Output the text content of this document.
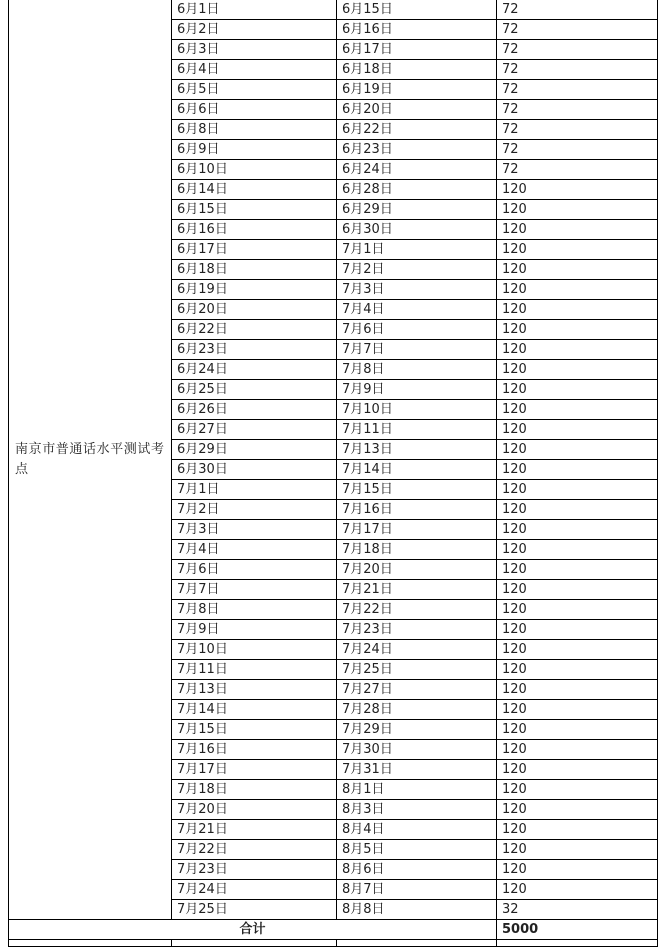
南京市普通话水平测试考点	6月1日	6月15日	72
	6月2日	6月16日	72
	6月3日	6月17日	72
	6月4日	6月18日	72
	6月5日	6月19日	72
	6月6日	6月20日	72
	6月8日	6月22日	72
	6月9日	6月23日	72
	6月10日	6月24日	72
	6月14日	6月28日	120
	6月15日	6月29日	120
	6月16日	6月30日	120
	6月17日	7月1日	120
	6月18日	7月2日	120
	6月19日	7月3日	120
	6月20日	7月4日	120
	6月22日	7月6日	120
	6月23日	7月7日	120
	6月24日	7月8日	120
	6月25日	7月9日	120
	6月26日	7月10日	120
	6月27日	7月11日	120
	6月29日	7月13日	120
	6月30日	7月14日	120
	7月1日	7月15日	120
	7月2日	7月16日	120
	7月3日	7月17日	120
	7月4日	7月18日	120
	7月6日	7月20日	120
	7月7日	7月21日	120
	7月8日	7月22日	120
	7月9日	7月23日	120
	7月10日	7月24日	120
	7月11日	7月25日	120
	7月13日	7月27日	120
	7月14日	7月28日	120
	7月15日	7月29日	120
	7月16日	7月30日	120
	7月17日	7月31日	120
	7月18日	8月1日	120
	7月20日	8月3日	120
	7月21日	8月4日	120
	7月22日	8月5日	120
	7月23日	8月6日	120
	7月24日	8月7日	120
	7月25日	8月8日	32
合计			5000
